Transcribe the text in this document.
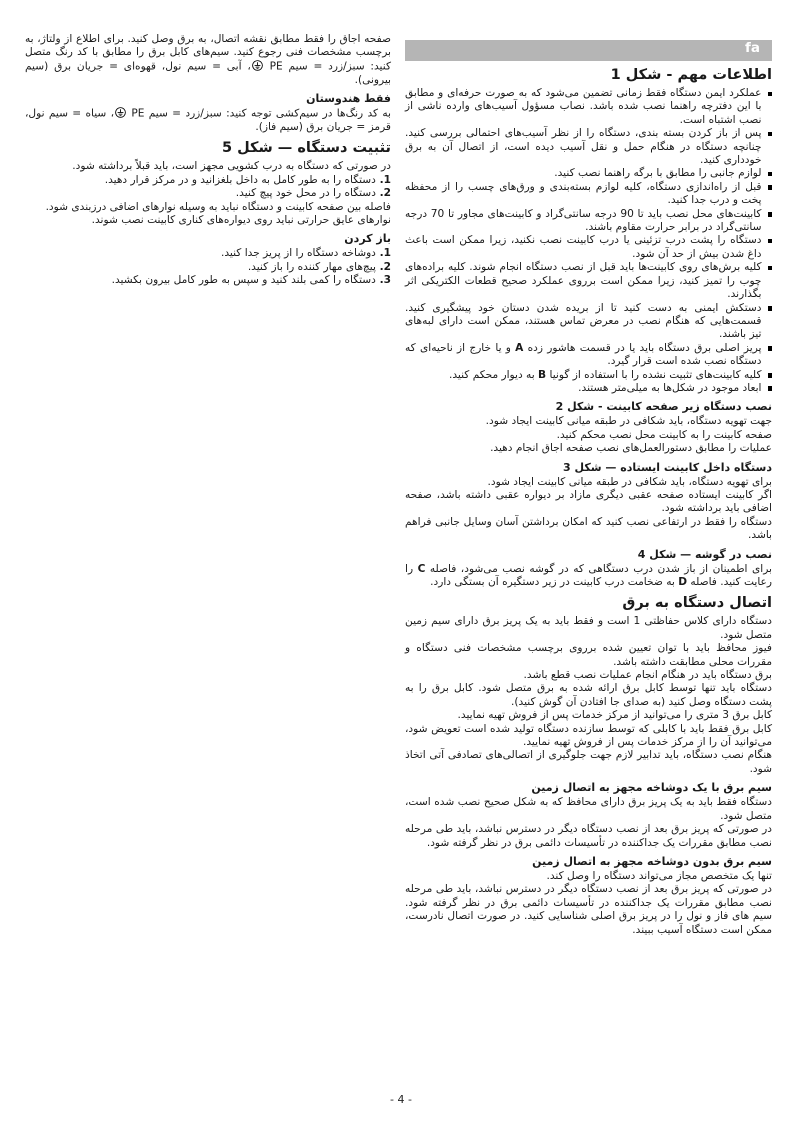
fa
اطلاعات مهم - شکل 1
عملکرد ایمن دستگاه فقط زمانی تضمین می‌شود که به صورت حرفه‌ای و مطابق با این دفترچه راهنما نصب شده باشد. نصاب مسؤول آسیب‌های وارده ناشی از نصب اشتباه است.
پس از باز کردن بسته بندی، دستگاه را از نظر آسیب‌های احتمالی بررسی کنید. چنانچه دستگاه در هنگام حمل و نقل آسیب دیده است، از اتصال آن به برق خودداری کنید.
لوازم جانبی را مطابق با برگه راهنما نصب کنید.
قبل از راه‌اندازی دستگاه، کلیه لوازم بسته‌بندی و ورق‌های چسب را از محفظه پخت و درب جدا کنید.
کابینت‌های محل نصب باید تا 90 درجه سانتی‌گراد و کابینت‌های مجاور تا 70 درجه سانتی‌گراد در برابر حرارت مقاوم باشند.
دستگاه را پشت درب تزئینی یا درب کابینت نصب نکنید، زیرا ممکن است باعث داغ شدن بیش از حد آن شود.
کلیه برش‌های روی کابینت‌ها باید قبل از نصب دستگاه انجام شوند. کلیه براده‌های چوب را تمیز کنید، زیرا ممکن است برروی عملکرد صحیح قطعات الکتریکی اثر بگذارند.
دستکش ایمنی به دست کنید تا از بریده شدن دستان خود پیشگیری کنید. قسمت‌هایی که هنگام نصب در معرض تماس هستند، ممکن است دارای لبه‌های تیز باشند.
پریز اصلی برق دستگاه باید یا در قسمت هاشور زده A و یا خارج از ناحیه‌ای که دستگاه نصب شده است قرار گیرد.
کلیه کابینت‌های تثبیت نشده را با استفاده از گونیا B به دیوار محکم کنید.
ابعاد موجود در شکل‌ها به میلی‌متر هستند.
نصب دستگاه زیر صفحه کابینت - شکل 2
جهت تهویه دستگاه، باید شکافی در طبقه میانی کابینت ایجاد شود.
صفحه کابینت را به کابینت محل نصب محکم کنید.
عملیات را مطابق دستورالعمل‌های نصب صفحه اجاق انجام دهید.
دستگاه داخل کابینت ایستاده — شکل 3
برای تهویه دستگاه، باید شکافی در طبقه میانی کابینت ایجاد شود.
اگر کابینت ایستاده صفحه عقبی دیگری مازاد بر دیواره عقبی داشته باشد، صفحه اضافی باید برداشته شود.
دستگاه را فقط در ارتفاعی نصب کنید که امکان برداشتن آسان وسایل جانبی فراهم باشد.
نصب در گوشه — شکل 4
برای اطمینان از باز شدن درب دستگاهی که در گوشه نصب می‌شود، فاصله C را رعایت کنید. فاصله D به ضخامت درب کابینت در زیر دستگیره آن بستگی دارد.
اتصال دستگاه به برق
دستگاه دارای کلاس حفاظتی 1 است و فقط باید به یک پریز برق دارای سیم زمین متصل شود.
فیوز محافظ باید با توان تعیین شده برروی برچسب مشخصات فنی دستگاه و مقررات محلی مطابقت داشته باشد.
برق دستگاه باید در هنگام انجام عملیات نصب قطع باشد.
دستگاه باید تنها توسط کابل برق ارائه شده به برق متصل شود. کابل برق را به پشت دستگاه وصل کنید (به صدای جا افتادن آن گوش کنید).
کابل برق 3 متری را می‌توانید از مرکز خدمات پس از فروش تهیه نمایید.
کابل برق فقط باید با کابلی که توسط سازنده دستگاه تولید شده است تعویض شود، می‌توانید آن را از مرکز خدمات پس از فروش تهیه نمایید.
هنگام نصب دستگاه، باید تدابیر لازم جهت جلوگیری از اتصالی‌های تصادفی آتی اتخاذ شود.
سیم برق با یک دوشاخه مجهز به اتصال زمین
دستگاه فقط باید به یک پریز برق دارای محافظ که به شکل صحیح نصب شده است، متصل شود.
در صورتی که پریز برق بعد از نصب دستگاه دیگر در دسترس نباشد، باید طی مرحله نصب مطابق مقررات یک جداکننده در تأسیسات دائمی برق در نظر گرفته شود.
سیم برق بدون دوشاخه مجهز به اتصال زمین
تنها یک متخصص مجاز می‌تواند دستگاه را وصل کند.
در صورتی که پریز برق بعد از نصب دستگاه دیگر در دسترس نباشد، باید طی مرحله نصب مطابق مقررات یک جداکننده در تأسیسات دائمی برق در نظر گرفته شود. سیم های فاز و نول را در پریز برق اصلی شناسایی کنید. در صورت اتصال نادرست، ممکن است دستگاه آسیب ببیند.
صفحه اجاق را فقط مطابق نقشه اتصال، به برق وصل کنید. برای اطلاع از ولتاژ، به برچسب مشخصات فنی رجوع کنید. سیم‌های کابل برق را مطابق با کد رنگ متصل کنید: سبز/زرد = سیم PE ، آبی = سیم نول، قهوه‌ای = جریان برق (سیم بیرونی).
فقط هندوستان
به کد رنگ‌ها در سیم‌کشی توجه کنید: سبز/زرد = سیم PE ، سیاه = سیم نول، قرمز = جریان برق (سیم فاز).
تثبیت دستگاه — شکل 5
در صورتی که دستگاه به درب کشویی مجهز است، باید قبلاً برداشته شود.
1. دستگاه را به طور کامل به داخل بلغزانید و در مرکز قرار دهید.
2. دستگاه را در محل خود پیچ کنید.
فاصله بین صفحه کابینت و دستگاه نباید به وسیله نوارهای اضافی درزبندی شود.
نوارهای عایق حرارتی نباید روی دیواره‌های کناری کابینت نصب شوند.
باز کردن
1. دوشاخه دستگاه را از پریز جدا کنید.
2. پیچ‌های مهار کننده را باز کنید.
3. دستگاه را کمی بلند کنید و سپس به طور کامل بیرون بکشید.
- 4 -
